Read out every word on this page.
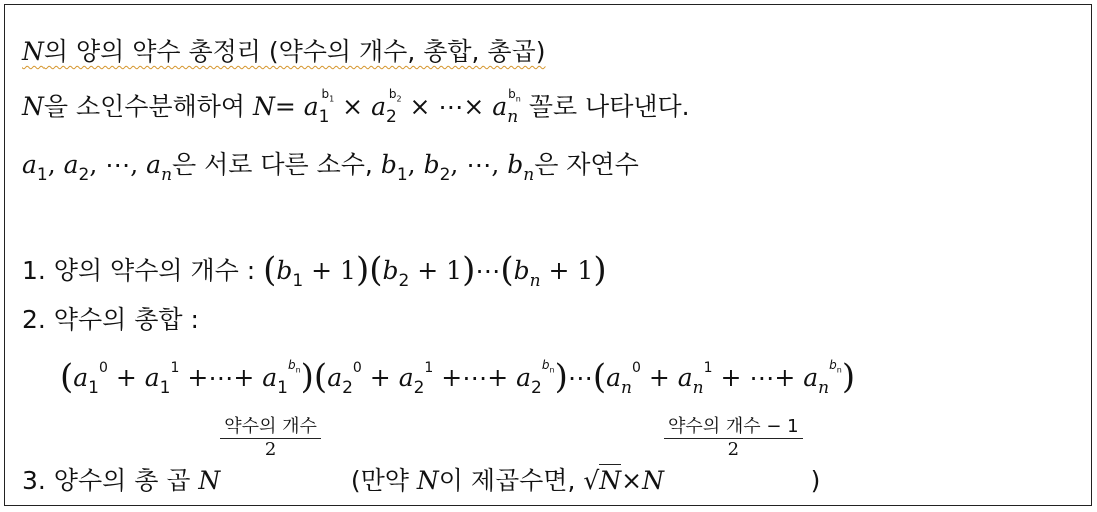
N의 양의 약수 총정리 (약수의 개수, 총합, 총곱)
N을 소인수분해하여 $N= a_1^{b_1} \times a_2^{b_2}$ × ⋯× $a_n^{b_n}$ 꼴로 나타낸다.
$a_1$, $a_2$, ⋯, $a_n$은 서로 다른 소수, $b_1$, $b_2$, ⋯, $b_n$은 자연수
1. 양의 약수의 개수 : $(b_1 + 1)(b_2$ + $1)\cdots(b_n + 1)$
2. 약수의 총합 :
($a_1^0 + a_1^1$ +⋯+ $a_1^{b_n})(a_2^0 + a_2^1$ +⋯+ $a_2^{b_n})\cdots(a_n^0 + a_n^1$ + ⋯+ $a_n^{b_n}$)
3. 양수의 총 곱 N
$\frac{\text{약수의 개수}}{2}$
(만약 N이 제곱수면, √N×N
$\frac{\text{약수의 개수 − 1}}{2}$
)
